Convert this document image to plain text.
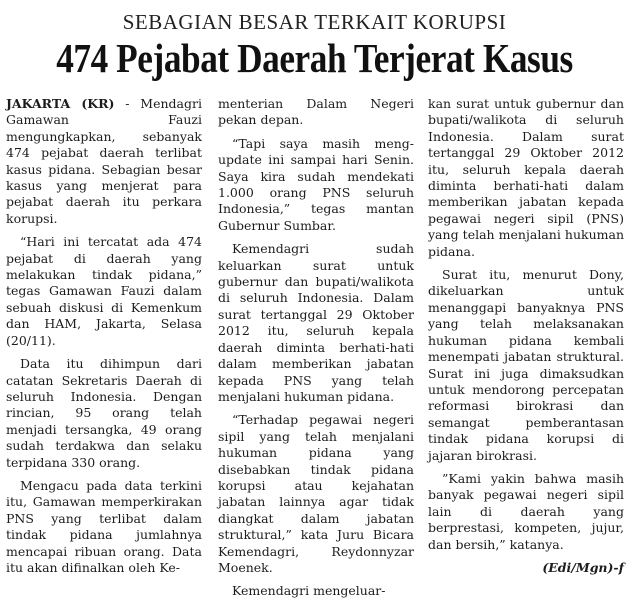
SEBAGIAN BESAR TERKAIT KORUPSI
474 Pejabat Daerah Terjerat Kasus

JAKARTA (KR) - Mendagri Gamawan Fauzi mengungkapkan, sebanyak 474 pejabat daerah terlibat kasus pidana. Sebagian besar kasus yang menjerat para pejabat daerah itu perkara korupsi.

“Hari ini tercatat ada 474 pejabat di daerah yang melakukan tindak pidana,” tegas Gamawan Fauzi dalam sebuah diskusi di Kemenkum dan HAM, Jakarta, Selasa (20/11).

Data itu dihimpun dari catatan Sekretaris Daerah di seluruh Indonesia. Dengan rincian, 95 orang telah menjadi tersangka, 49 orang sudah terdakwa dan selaku terpidana 330 orang.

Mengacu pada data terkini itu, Gamawan memperkirakan PNS yang terlibat dalam tindak pidana jumlahnya mencapai ribuan orang. Data itu akan difinalkan oleh Ke-

menterian Dalam Negeri pekan depan.

“Tapi saya masih meng-update ini sampai hari Senin. Saya kira sudah mendekati 1.000 orang PNS seluruh Indonesia,” tegas mantan Gubernur Sumbar.

Kemendagri sudah keluarkan surat untuk gubernur dan bupati/walikota di seluruh Indonesia. Dalam surat tertanggal 29 Oktober 2012 itu, seluruh kepala daerah diminta berhati-hati dalam memberikan jabatan kepada PNS yang telah menjalani hukuman pidana.

“Terhadap pegawai negeri sipil yang telah menjalani hukuman pidana yang disebabkan tindak pidana korupsi atau kejahatan jabatan lainnya agar tidak diangkat dalam jabatan struktural,” kata Juru Bicara Kemendagri, Reydonnyzar Moenek.

Kemendagri mengeluar-

kan surat untuk gubernur dan bupati/walikota di seluruh Indonesia. Dalam surat tertanggal 29 Oktober 2012 itu, seluruh kepala daerah diminta berhati-hati dalam memberikan jabatan kepada pegawai negeri sipil (PNS) yang telah menjalani hukuman pidana.

Surat itu, menurut Dony, dikeluarkan untuk menanggapi banyaknya PNS yang telah melaksanakan hukuman pidana kembali menempati jabatan struktural. Surat ini juga dimaksudkan untuk mendorong percepatan reformasi birokrasi dan semangat pemberantasan tindak pidana korupsi di jajaran birokrasi.

”Kami yakin bahwa masih banyak pegawai negeri sipil lain di daerah yang berprestasi, kompeten, jujur, dan bersih,” katanya.

(Edi/Mgn)-f
